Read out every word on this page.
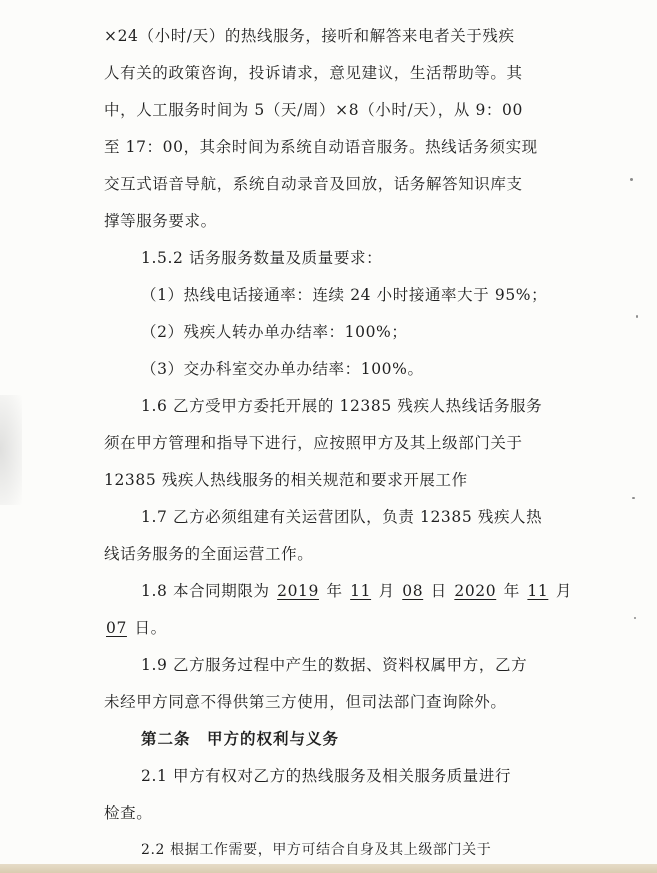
×24（小时/天）的热线服务，接听和解答来电者关于残疾
人有关的政策咨询，投诉请求，意见建议，生活帮助等。其
中，人工服务时间为 5（天/周）×8（小时/天），从 9：00
至 17：00，其余时间为系统自动语音服务。热线话务须实现
交互式语音导航，系统自动录音及回放，话务解答知识库支
撑等服务要求。
1.5.2 话务服务数量及质量要求：
（1）热线电话接通率：连续 24 小时接通率大于 95%；
（2）残疾人转办单办结率：100%；
（3）交办科室交办单办结率：100%。
1.6 乙方受甲方委托开展的 12385 残疾人热线话务服务
须在甲方管理和指导下进行，应按照甲方及其上级部门关于
12385 残疾人热线服务的相关规范和要求开展工作
1.7 乙方必须组建有关运营团队，负责 12385 残疾人热
线话务服务的全面运营工作。
1.8 本合同期限为 2019 年 11 月 08 日 2020 年 11 月
07 日。
1.9 乙方服务过程中产生的数据、资料权属甲方，乙方
未经甲方同意不得供第三方使用，但司法部门查询除外。
第二条　甲方的权利与义务
2.1 甲方有权对乙方的热线服务及相关服务质量进行
检查。
2.2 根据工作需要，甲方可结合自身及其上级部门关于
